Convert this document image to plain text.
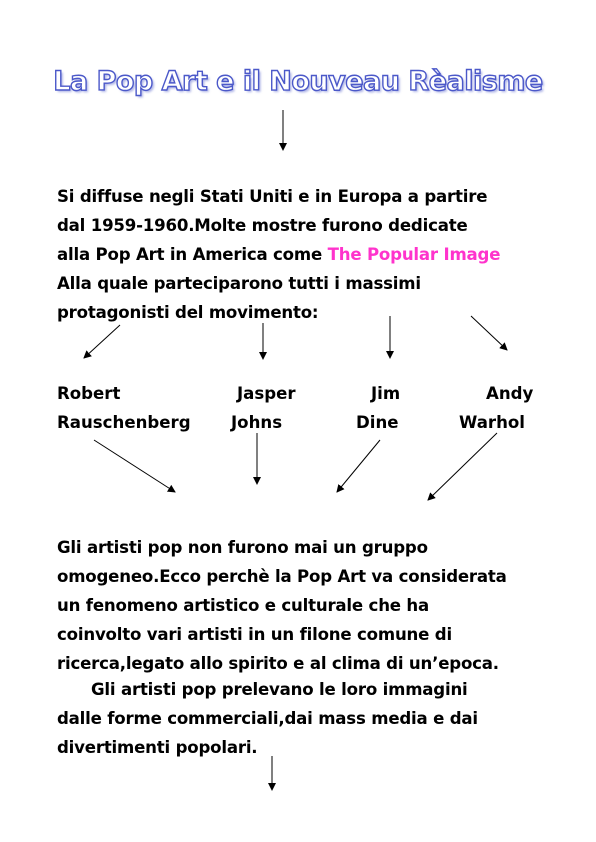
La Pop Art e il Nouveau Rèalisme
Si diffuse negli Stati Uniti e in Europa a partire
dal 1959-1960.Molte mostre furono dedicate
alla Pop Art in America come The Popular Image
Alla quale parteciparono tutti i massimi
protagonisti del movimento:
Robert
Rauschenberg
Jasper
Johns
Jim
Dine
Andy
Warhol
Gli artisti pop non furono mai un gruppo
omogeneo.Ecco perchè la Pop Art va considerata
un fenomeno artistico e culturale che ha
coinvolto vari artisti in un filone comune di
ricerca,legato allo spirito e al clima di un’epoca.
Gli artisti pop prelevano le loro immagini
dalle forme commerciali,dai mass media e dai
divertimenti popolari.
